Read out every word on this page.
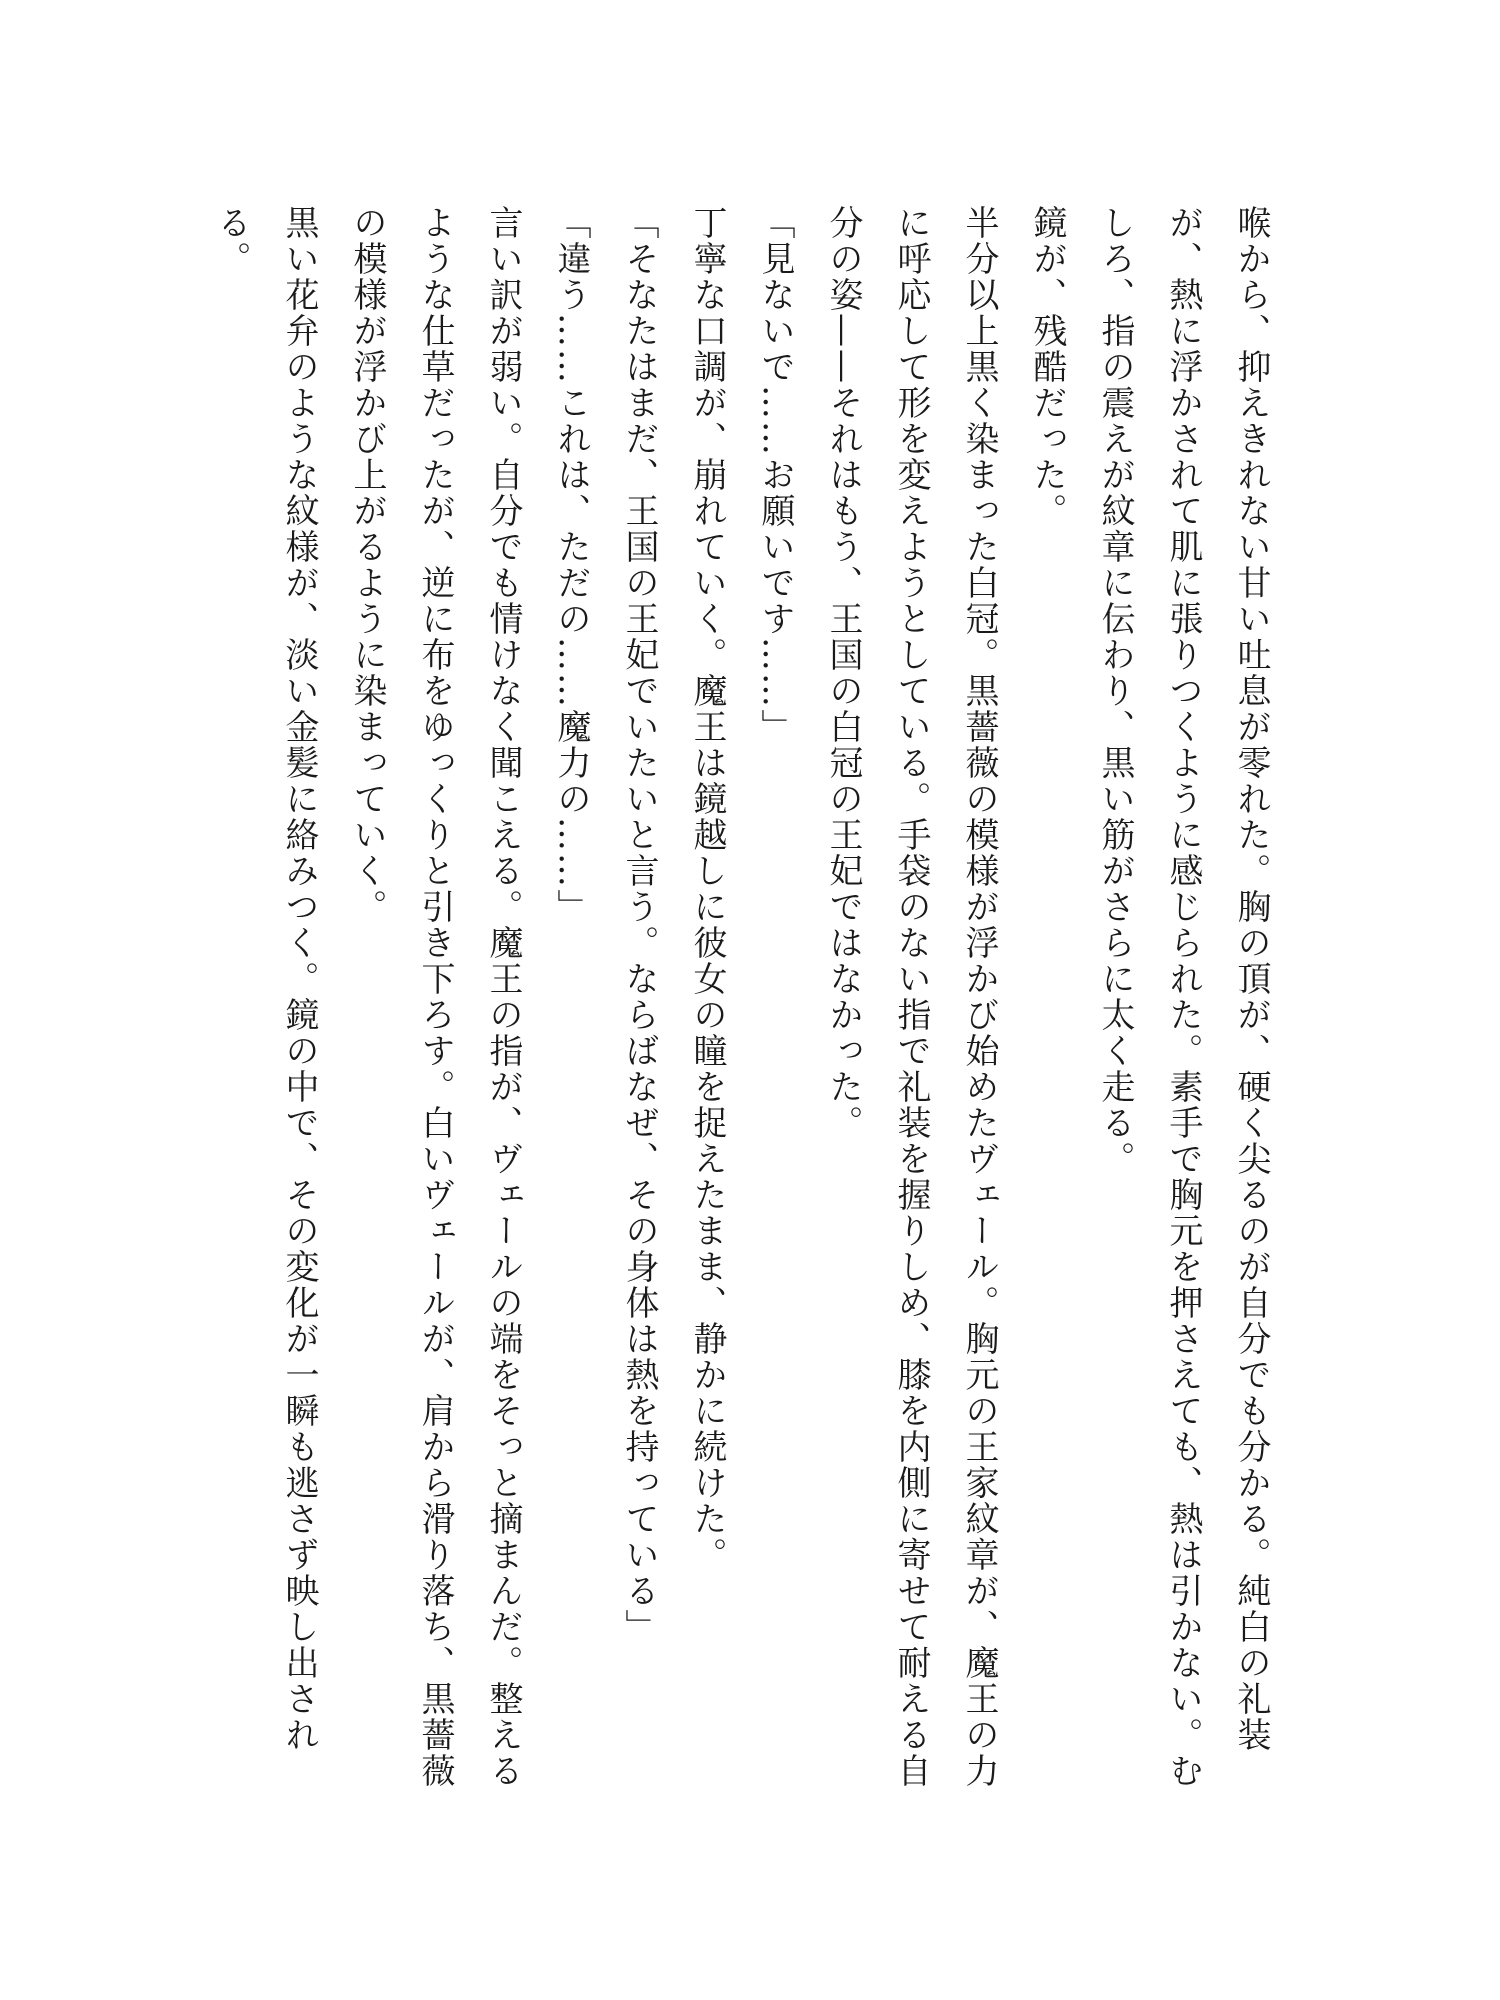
喉から、抑えきれない甘い吐息が零れた。胸の頂が、硬く尖るのが自分でも分かる。純白の礼装が、熱に浮かされて肌に張りつくように感じられた。素手で胸元を押さえても、熱は引かない。むしろ、指の震えが紋章に伝わり、黒い筋がさらに太く走る。

鏡が、残酷だった。

半分以上黒く染まった白冠。黒薔薇の模様が浮かび始めたヴェール。胸元の王家紋章が、魔王の力に呼応して形を変えようとしている。手袋のない指で礼装を握りしめ、膝を内側に寄せて耐える自分の姿——それはもう、王国の白冠の王妃ではなかった。

「見ないで……お願いです……」

丁寧な口調が、崩れていく。魔王は鏡越しに彼女の瞳を捉えたまま、静かに続けた。

「そなたはまだ、王国の王妃でいたいと言う。ならばなぜ、その身体は熱を持っている」

「違う……これは、ただの……魔力の……」

言い訳が弱い。自分でも情けなく聞こえる。魔王の指が、ヴェールの端をそっと摘まんだ。整えるような仕草だったが、逆に布をゆっくりと引き下ろす。白いヴェールが、肩から滑り落ち、黒薔薇の模様が浮かび上がるように染まっていく。

黒い花弁のような紋様が、淡い金髪に絡みつく。鏡の中で、その変化が一瞬も逃さず映し出される。
